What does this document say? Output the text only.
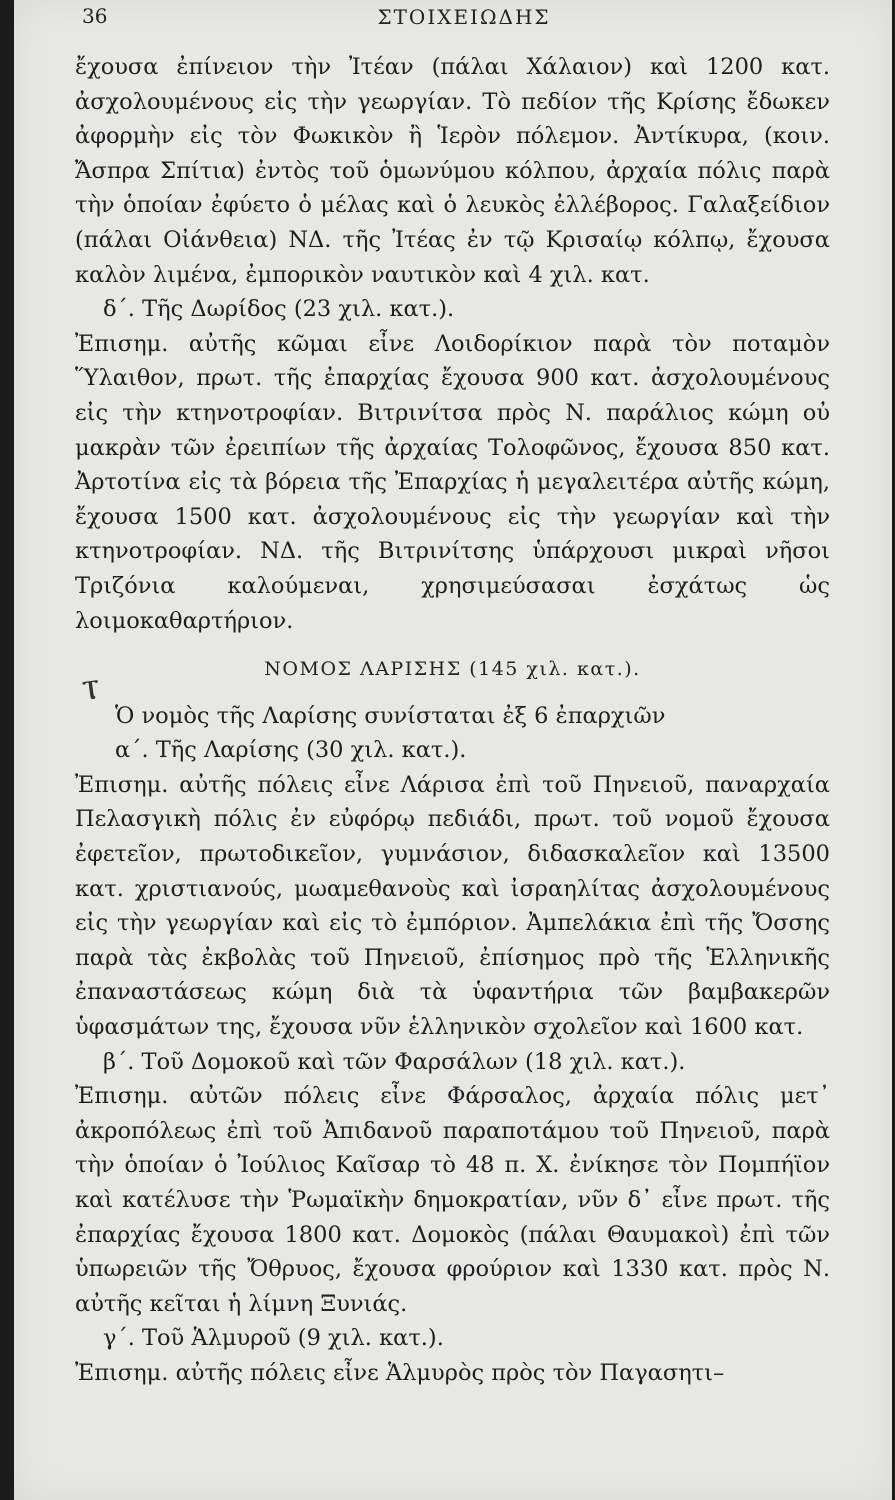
36	ΣΤΟΙΧΕΙΩΔΗΣ
ⲧ

ἔχουσα ἐπίνειον τὴν Ἰτέαν (πάλαι Χάλαιον) καὶ 1200 κατ. ἀσχολουμένους εἰς τὴν γεωργίαν. Τὸ πεδίον τῆς Κρίσης ἔδωκεν ἀφορμὴν εἰς τὸν Φωκικὸν ἢ Ἱερὸν πόλεμον. Ἀντίκυρα, (κοιν. Ἄσπρα Σπίτια) ἐντὸς τοῦ ὁμωνύμου κόλπου, ἀρχαία πόλις παρὰ τὴν ὁποίαν ἐφύετο ὁ μέλας καὶ ὁ λευκὸς ἐλλέβορος. Γαλαξείδιον (πάλαι Οἰάνθεια) ΝΔ. τῆς Ἰτέας ἐν τῷ Κρισαίῳ κόλπῳ, ἔχουσα καλὸν λιμένα, ἐμπορικὸν ναυτικὸν καὶ 4 χιλ. κατ.

δ΄. Τῆς Δωρίδος (23 χιλ. κατ.).

Ἐπισημ. αὐτῆς κῶμαι εἶνε Λοιδορίκιον παρὰ τὸν ποταμὸν Ὕλαιθον, πρωτ. τῆς ἐπαρχίας ἔχουσα 900 κατ. ἀσχολουμένους εἰς τὴν κτηνοτροφίαν. Βιτρινίτσα πρὸς Ν. παράλιος κώμη οὐ μακρὰν τῶν ἐρειπίων τῆς ἀρχαίας Τολοφῶνος, ἔχουσα 850 κατ. Ἀρτοτίνα εἰς τὰ βόρεια τῆς Ἐπαρχίας ἡ μεγαλειτέρα αὐτῆς κώμη, ἔχουσα 1500 κατ. ἀσχολουμένους εἰς τὴν γεωργίαν καὶ τὴν κτηνοτροφίαν. ΝΔ. τῆς Βιτρινίτσης ὑπάρχουσι μικραὶ νῆσοι Τριζόνια καλούμεναι, χρησιμεύσασαι ἐσχάτως ὡς λοιμοκαθαρτήριον.

ΝΟΜΟΣ ΛΑΡΙΣΗΣ (145 χιλ. κατ.).

Ὁ νομὸς τῆς Λαρίσης συνίσταται ἐξ 6 ἐπαρχιῶν

α΄. Τῆς Λαρίσης (30 χιλ. κατ.).

Ἐπισημ. αὐτῆς πόλεις εἶνε Λάρισα ἐπὶ τοῦ Πηνειοῦ, παναρχαία Πελασγικὴ πόλις ἐν εὐφόρῳ πεδιάδι, πρωτ. τοῦ νομοῦ ἔχουσα ἐφετεῖον, πρωτοδικεῖον, γυμνάσιον, διδασκαλεῖον καὶ 13500 κατ. χριστιανούς, μωαμεθανοὺς καὶ ἰσραηλίτας ἀσχολουμένους εἰς τὴν γεωργίαν καὶ εἰς τὸ ἐμπόριον. Ἀμπελάκια ἐπὶ τῆς Ὄσσης παρὰ τὰς ἐκβολὰς τοῦ Πηνειοῦ, ἐπίσημος πρὸ τῆς Ἑλληνικῆς ἐπαναστάσεως κώμη διὰ τὰ ὑφαντήρια τῶν βαμβακερῶν ὑφασμάτων της, ἔχουσα νῦν ἑλληνικὸν σχολεῖον καὶ 1600 κατ.

β΄. Τοῦ Δομοκοῦ καὶ τῶν Φαρσάλων (18 χιλ. κατ.).

Ἐπισημ. αὐτῶν πόλεις εἶνε Φάρσαλος, ἀρχαία πόλις μετ᾽ ἀκροπόλεως ἐπὶ τοῦ Ἀπιδανοῦ παραποτάμου τοῦ Πηνειοῦ, παρὰ τὴν ὁποίαν ὁ Ἰούλιος Καῖσαρ τὸ 48 π. Χ. ἐνίκησε τὸν Πομπήϊον καὶ κατέλυσε τὴν Ῥωμαϊκὴν δημοκρατίαν, νῦν δ᾽ εἶνε πρωτ. τῆς ἐπαρχίας ἔχουσα 1800 κατ. Δομοκὸς (πάλαι Θαυμακοὶ) ἐπὶ τῶν ὑπωρειῶν τῆς Ὄθρυος, ἔχουσα φρούριον καὶ 1330 κατ. πρὸς Ν. αὐτῆς κεῖται ἡ λίμνη Ξυνιάς.

γ΄. Τοῦ Ἁλμυροῦ (9 χιλ. κατ.).

Ἐπισημ. αὐτῆς πόλεις εἶνε Ἁλμυρὸς πρὸς τὸν Παγασητι–
